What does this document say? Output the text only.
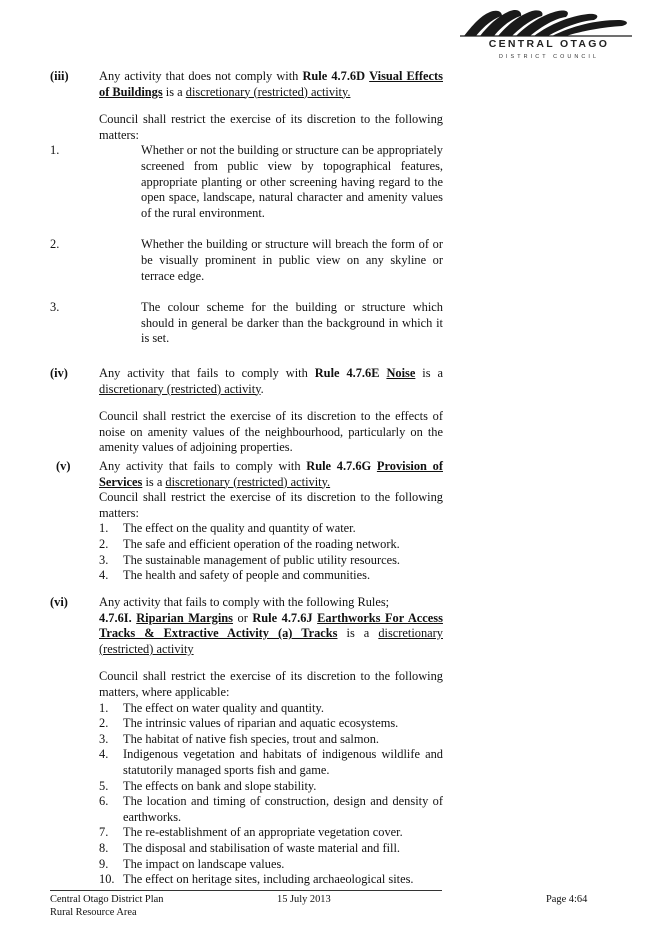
CENTRAL OTAGO
DISTRICT COUNCIL
(iii) Any activity that does not comply with Rule 4.7.6D Visual Effects of Buildings is a discretionary (restricted) activity.

Council shall restrict the exercise of its discretion to the following matters:

1.	Whether or not the building or structure can be appropriately screened from public view by topographical features, appropriate planting or other screening having regard to the open space, landscape, natural character and amenity values of the rural environment.
2.	Whether the building or structure will breach the form of or be visually prominent in public view on any skyline or terrace edge.
3.	The colour scheme for the building or structure which should in general be darker than the background in which it is set.
(iv)	Any activity that fails to comply with Rule 4.7.6E Noise is a discretionary (restricted) activity.

Council shall restrict the exercise of its discretion to the effects of noise on amenity values of the neighbourhood, particularly on the amenity values of adjoining properties.

(v) Any activity that fails to comply with Rule 4.7.6G Provision of Services is a discretionary (restricted) activity.

Council shall restrict the exercise of its discretion to the following matters:

1. The effect on the quality and quantity of water.
2. The safe and efficient operation of the roading network.
3. The sustainable management of public utility resources.
4. The health and safety of people and communities.
(vi)	Any activity that fails to comply with the following Rules;

4.7.6I. Riparian Margins or Rule 4.7.6J Earthworks For Access Tracks & Extractive Activity (a) Tracks is a discretionary (restricted) activity

Council shall restrict the exercise of its discretion to the following matters, where applicable:

1. The effect on water quality and quantity.
2. The intrinsic values of riparian and aquatic ecosystems.
3. The habitat of native fish species, trout and salmon.
4. Indigenous vegetation and habitats of indigenous wildlife and statutorily managed sports fish and game.
5. The effects on bank and slope stability.
6. The location and timing of construction, design and density of earthworks.
7. The re-establishment of an appropriate vegetation cover.
8. The disposal and stabilisation of waste material and fill.
9. The impact on landscape values.
10. The effect on heritage sites, including archaeological sites.
Central Otago District Plan
Rural Resource Area
15 July 2013	Page 4:64
